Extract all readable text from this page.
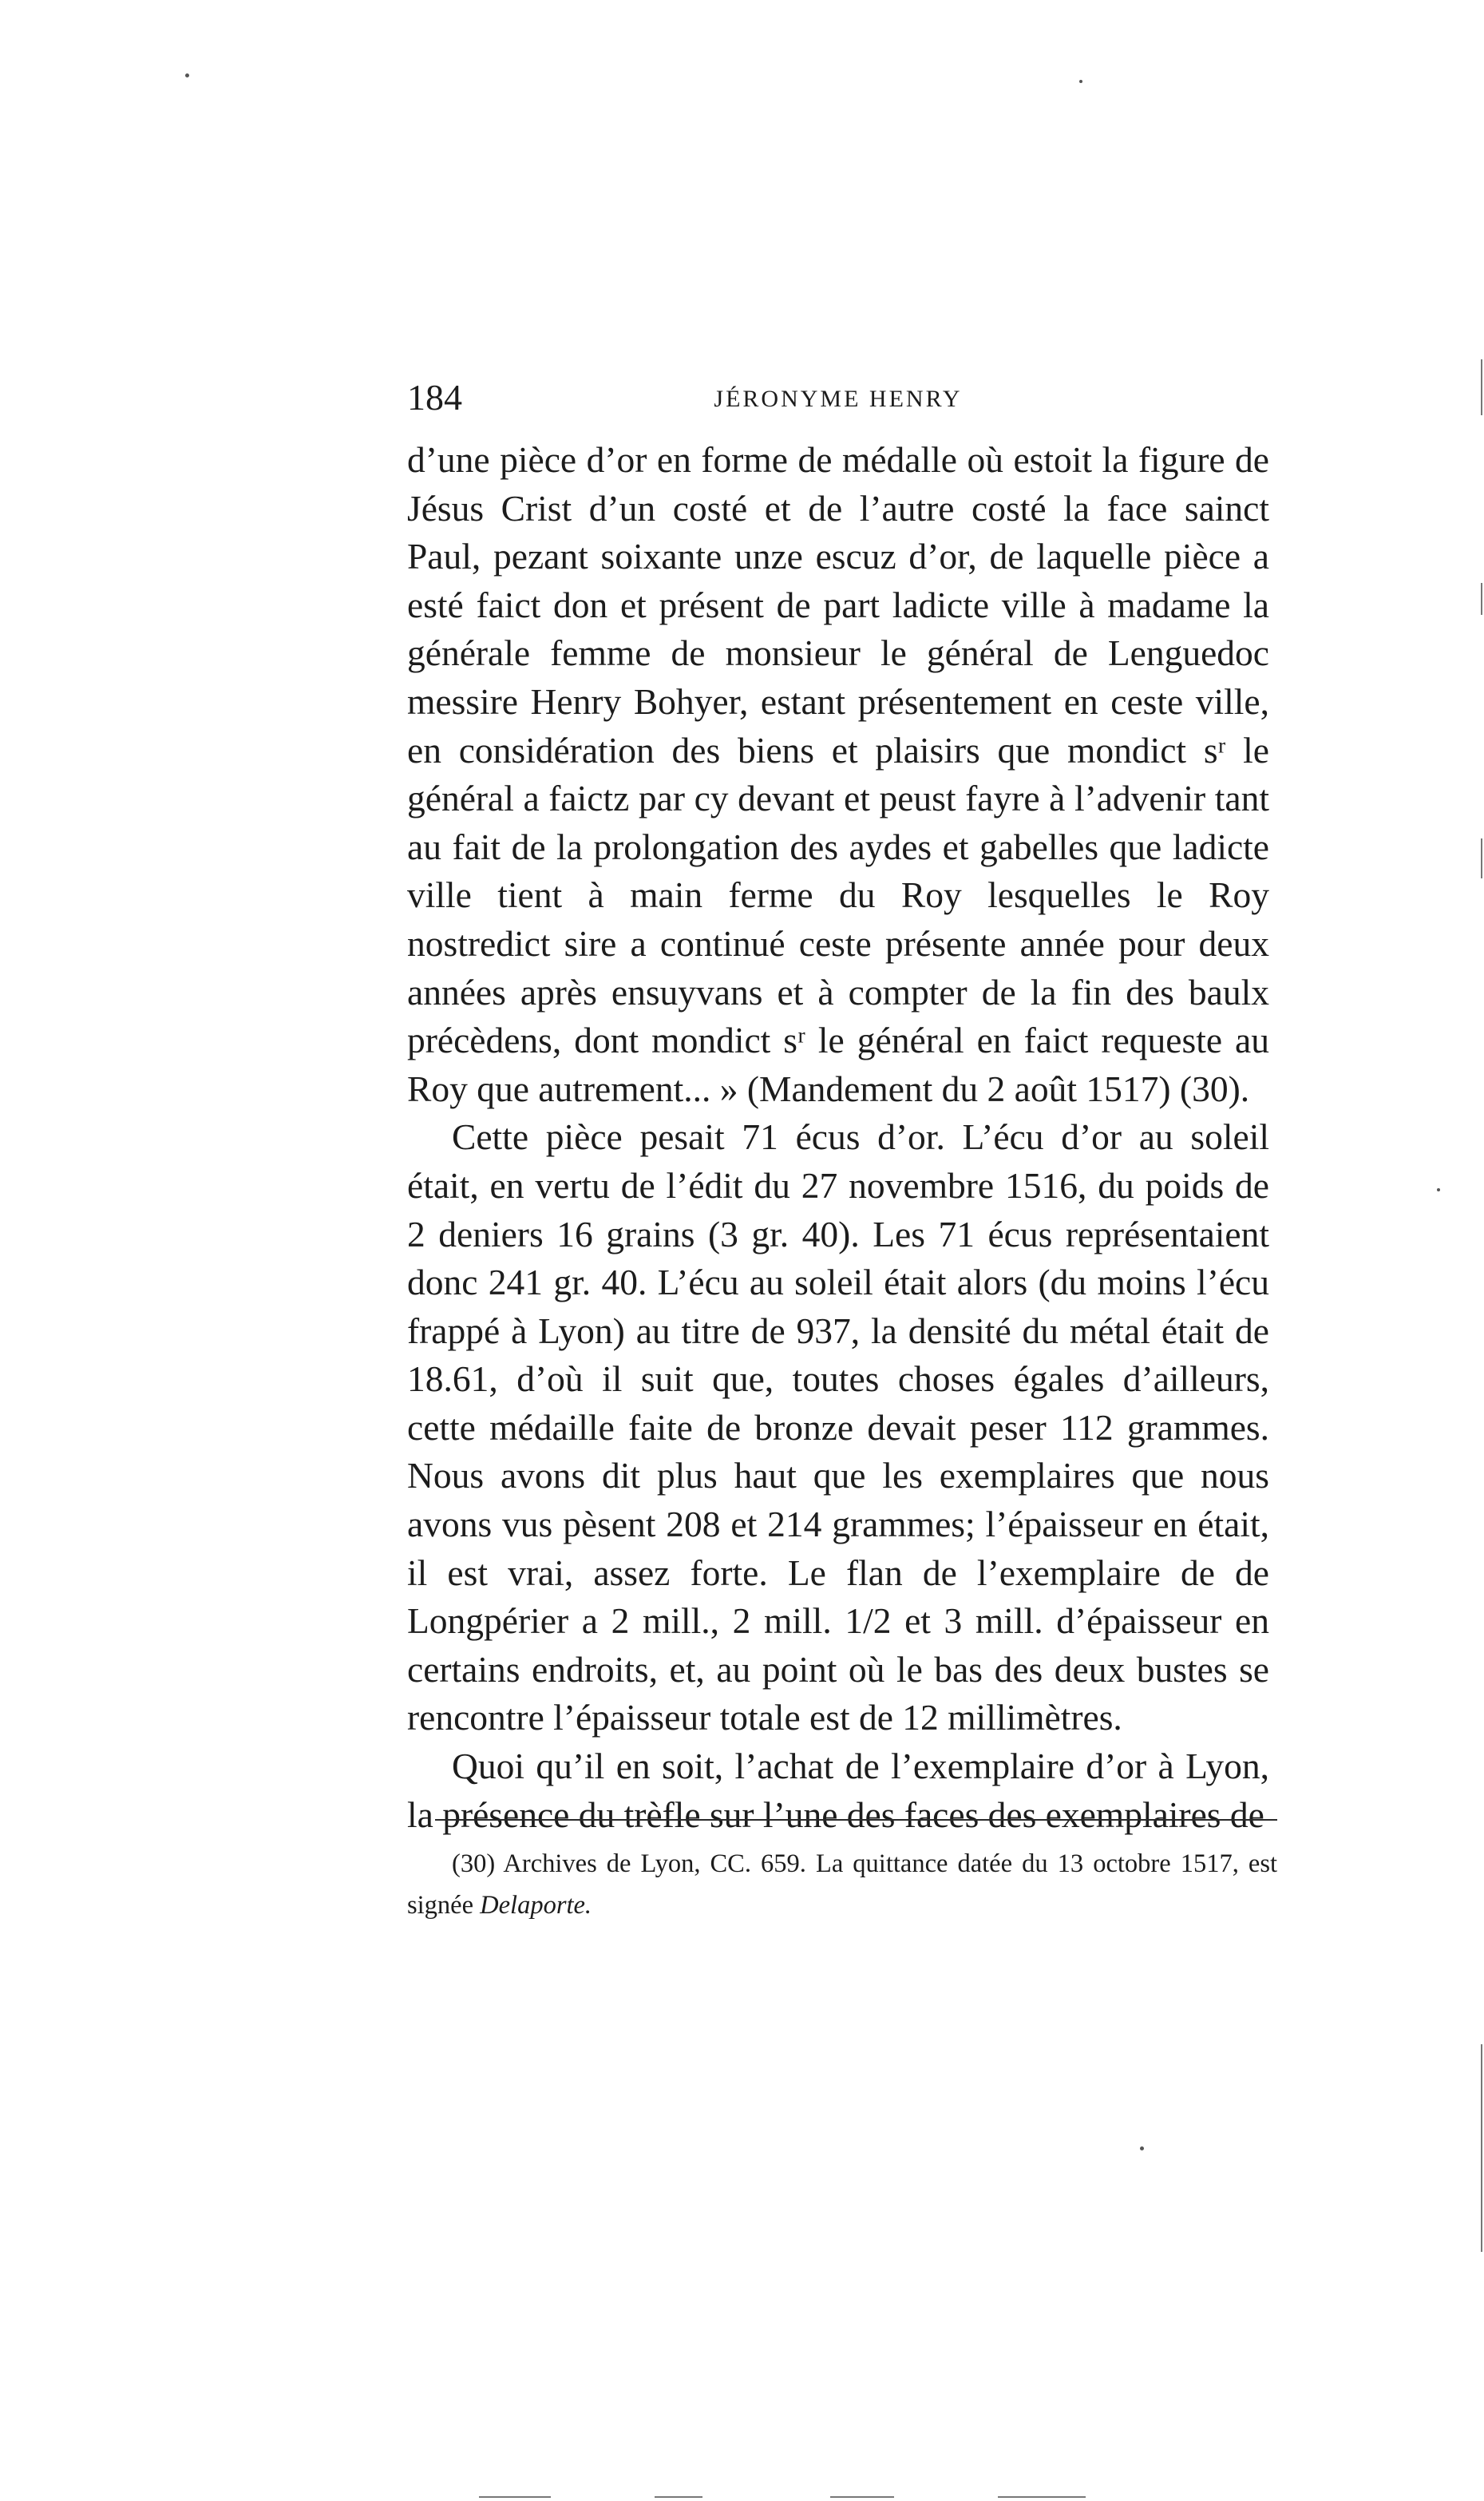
184	JÉRONYME HENRY

d’une pièce d’or en forme de médalle où estoit la figure de Jésus Crist d’un costé et de l’autre costé la face sainct Paul, pezant soixante unze escuz d’or, de laquelle pièce a esté faict don et présent de part ladicte ville à madame la générale femme de monsieur le général de Lenguedoc messire Henry Bohyer, estant présentement en ceste ville, en considération des biens et plaisirs que mondict sʳ le général a faictz par cy devant et peust fayre à l’advenir tant au fait de la prolongation des aydes et gabelles que ladicte ville tient à main ferme du Roy lesquelles le Roy nostredict sire a continué ceste présente année pour deux années après ensuyvans et à compter de la fin des baulx précèdens, dont mondict sʳ le général en faict requeste au Roy que autrement... » (Mandement du 2 août 1517) (30).

Cette pièce pesait 71 écus d’or. L’écu d’or au soleil était, en vertu de l’édit du 27 novembre 1516, du poids de 2 deniers 16 grains (3 gr. 40). Les 71 écus représentaient donc 241 gr. 40. L’écu au soleil était alors (du moins l’écu frappé à Lyon) au titre de 937, la densité du métal était de 18.61, d’où il suit que, toutes choses égales d’ailleurs, cette médaille faite de bronze devait peser 112 grammes. Nous avons dit plus haut que les exemplaires que nous avons vus pèsent 208 et 214 grammes; l’épaisseur en était, il est vrai, assez forte. Le flan de l’exemplaire de de Longpérier a 2 mill., 2 mill. 1/2 et 3 mill. d’épaisseur en certains endroits, et, au point où le bas des deux bustes se rencontre l’épaisseur totale est de 12 millimètres.

Quoi qu’il en soit, l’achat de l’exemplaire d’or à Lyon, la présence du trèfle sur l’une des faces des exemplaires de

(30) Archives de Lyon, CC. 659. La quittance datée du 13 octobre 1517, est signée Delaporte.
